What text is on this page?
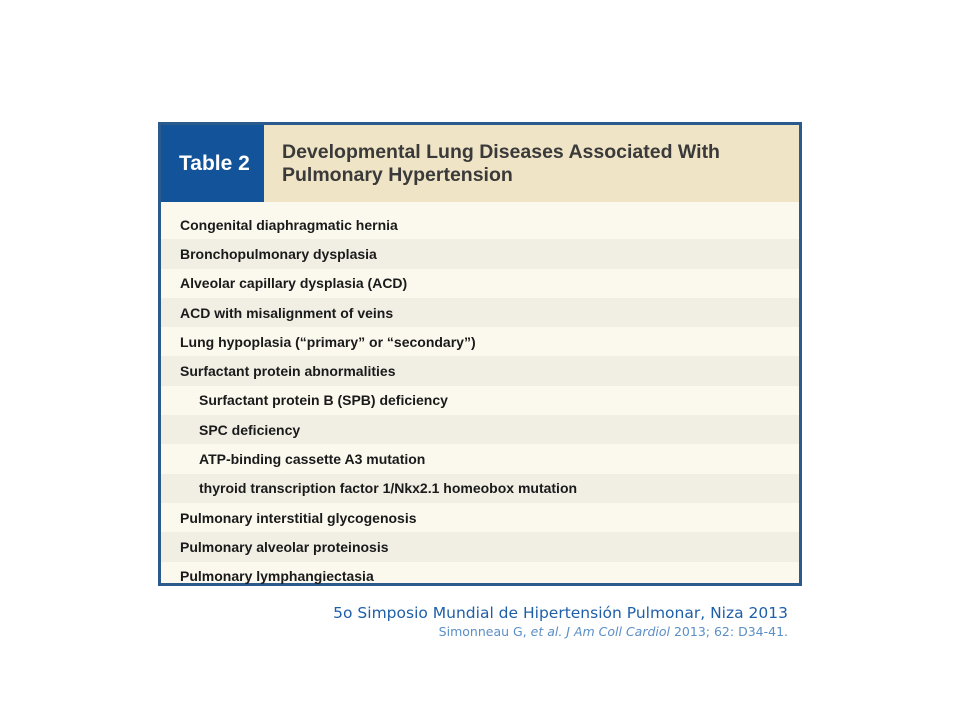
Table 2	Developmental Lung Diseases Associated With
Pulmonary Hypertension
Congenital diaphragmatic hernia
Bronchopulmonary dysplasia
Alveolar capillary dysplasia (ACD)
ACD with misalignment of veins
Lung hypoplasia (“primary” or “secondary”)
Surfactant protein abnormalities
Surfactant protein B (SPB) deficiency
SPC deficiency
ATP-binding cassette A3 mutation
thyroid transcription factor 1/Nkx2.1 homeobox mutation
Pulmonary interstitial glycogenosis
Pulmonary alveolar proteinosis
Pulmonary lymphangiectasia
5o Simposio Mundial de Hipertensión Pulmonar, Niza 2013
Simonneau G, et al. J Am Coll Cardiol 2013; 62: D34-41.
